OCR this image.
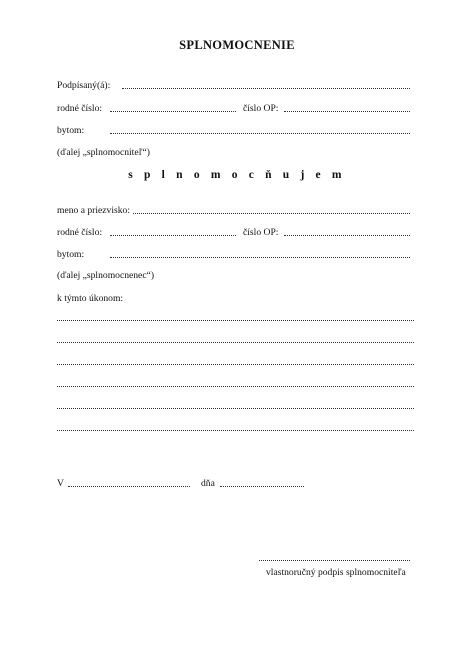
SPLNOMOCNENIE
Podpísaný(á):
rodné číslo:	číslo OP:
bytom:
(ďalej „splnomocniteľ“)
s p l n o m o c ň u j e m
meno a priezvisko:
rodné číslo:	číslo OP:
bytom:
(ďalej „splnomocnenec“)
k týmto úkonom:
V	dňa
vlastnoručný podpis splnomocniteľa
